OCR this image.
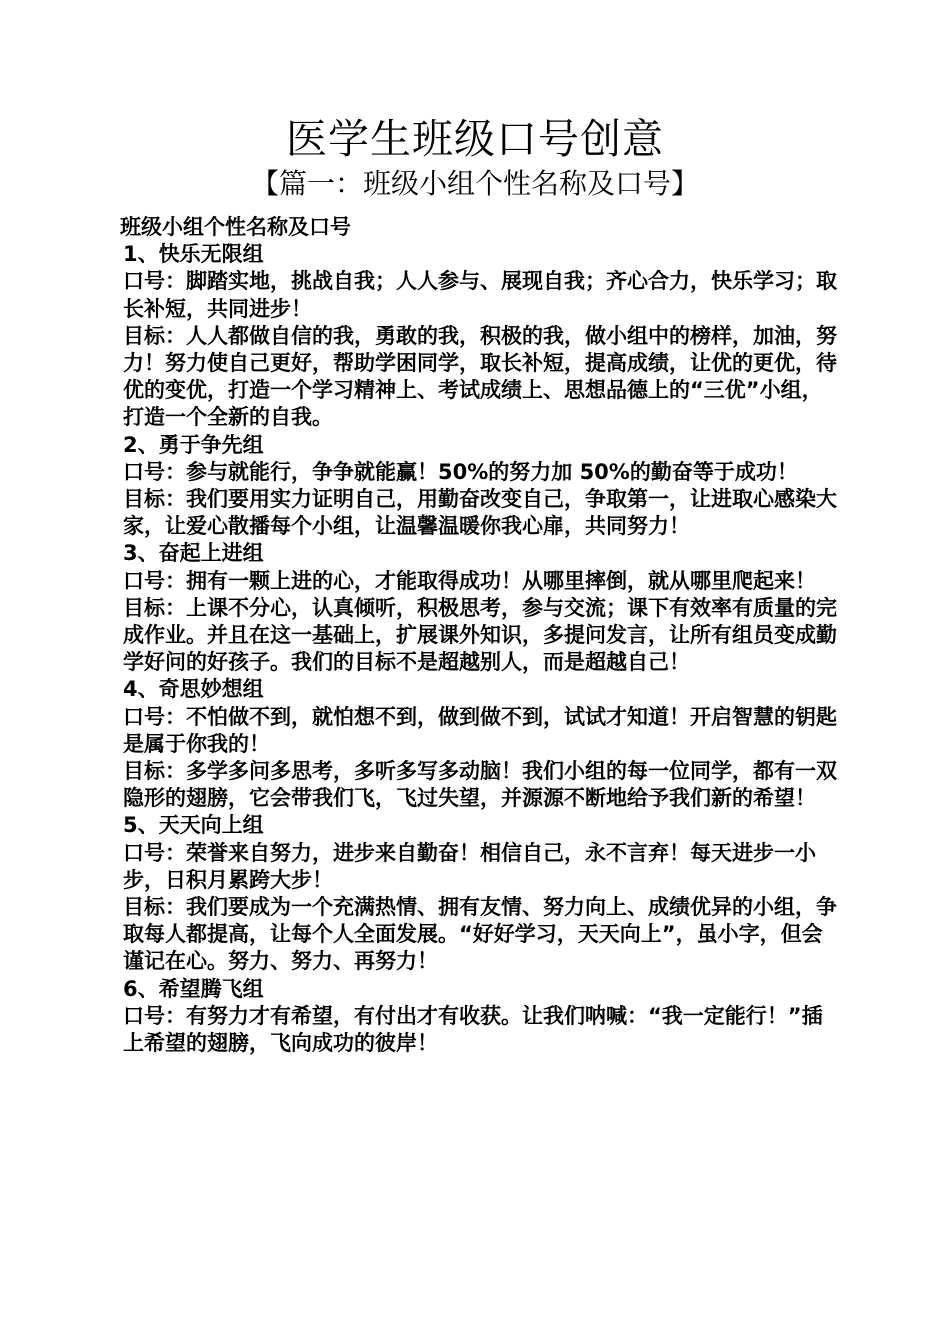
医学生班级口号创意
【篇一：班级小组个性名称及口号】

班级小组个性名称及口号

1、快乐无限组

口号：脚踏实地，挑战自我；人人参与、展现自我；齐心合力，快乐学习；取长补短，共同进步！

目标：人人都做自信的我，勇敢的我，积极的我，做小组中的榜样，加油，努力！努力使自己更好，帮助学困同学，取长补短，提高成绩，让优的更优，待优的变优，打造一个学习精神上、考试成绩上、思想品德上的“三优”小组，打造一个全新的自我。

2、勇于争先组

口号：参与就能行，争争就能赢！50%的努力加 50%的勤奋等于成功！

目标：我们要用实力证明自己，用勤奋改变自己，争取第一，让进取心感染大家，让爱心散播每个小组，让温馨温暖你我心扉，共同努力！

3、奋起上进组

口号：拥有一颗上进的心，才能取得成功！从哪里摔倒，就从哪里爬起来！

目标：上课不分心，认真倾听，积极思考，参与交流；课下有效率有质量的完成作业。并且在这一基础上，扩展课外知识，多提问发言，让所有组员变成勤学好问的好孩子。我们的目标不是超越别人，而是超越自己！

4、奇思妙想组

口号：不怕做不到，就怕想不到，做到做不到，试试才知道！开启智慧的钥匙是属于你我的！

目标：多学多问多思考，多听多写多动脑！我们小组的每一位同学，都有一双隐形的翅膀，它会带我们飞，飞过失望，并源源不断地给予我们新的希望！

5、天天向上组

口号：荣誉来自努力，进步来自勤奋！相信自己，永不言弃！每天进步一小步，日积月累跨大步！

目标：我们要成为一个充满热情、拥有友情、努力向上、成绩优异的小组，争取每人都提高，让每个人全面发展。“好好学习，天天向上”，虽小字，但会谨记在心。努力、努力、再努力！

6、希望腾飞组

口号：有努力才有希望，有付出才有收获。让我们呐喊：“我一定能行！”插上希望的翅膀，飞向成功的彼岸！
